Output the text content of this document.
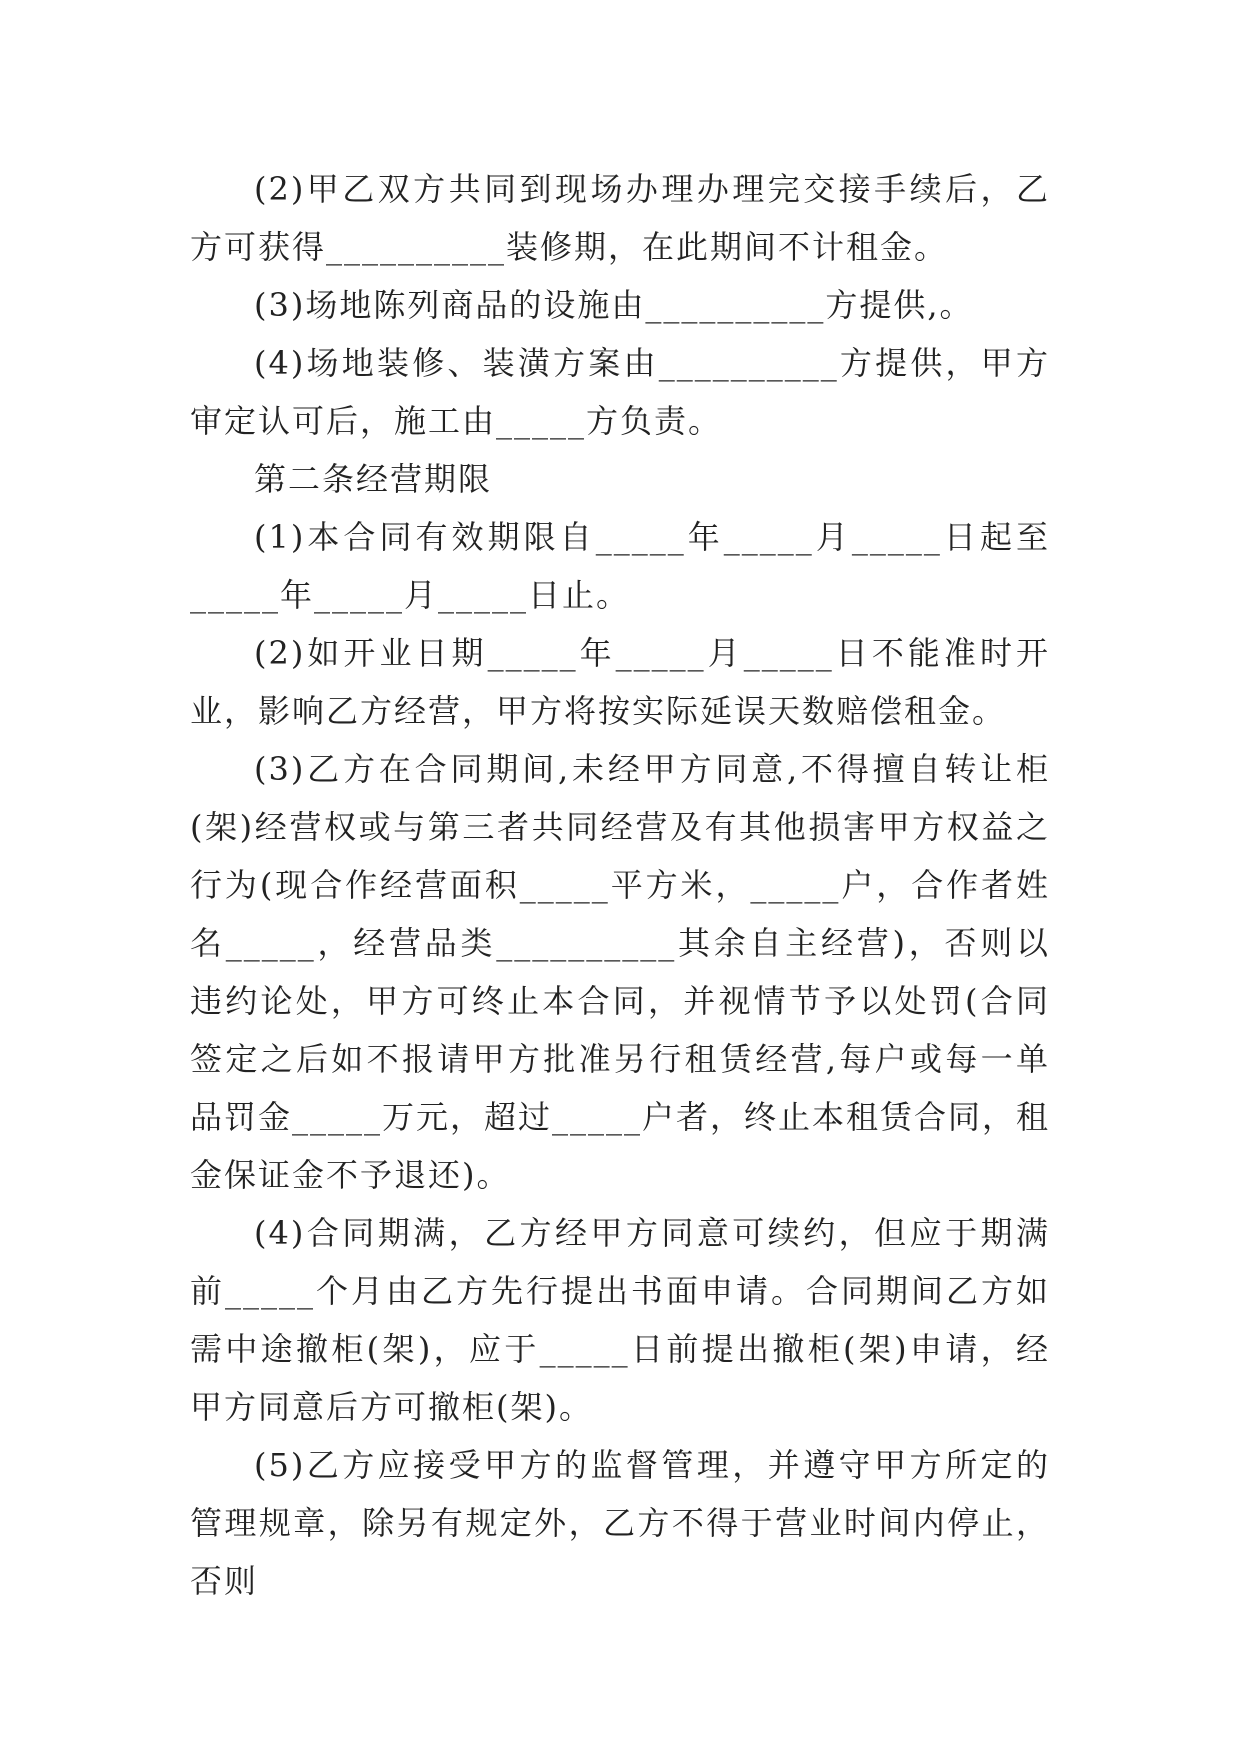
(2)甲乙双方共同到现场办理办理完交接手续后，乙方可获得__________装修期，在此期间不计租金。

(3)场地陈列商品的设施由__________方提供,。

(4)场地装修、装潢方案由__________方提供，甲方审定认可后，施工由_____方负责。

第二条经营期限

(1)本合同有效期限自_____年_____月_____日起至_____年_____月_____日止。

(2)如开业日期_____年_____月_____日不能准时开业，影响乙方经营，甲方将按实际延误天数赔偿租金。

(3)乙方在合同期间,未经甲方同意,不得擅自转让柜(架)经营权或与第三者共同经营及有其他损害甲方权益之行为(现合作经营面积_____平方米，_____户，合作者姓名_____，经营品类__________其余自主经营)，否则以违约论处，甲方可终止本合同，并视情节予以处罚(合同签定之后如不报请甲方批准另行租赁经营,每户或每一单品罚金_____万元，超过_____户者，终止本租赁合同，租金保证金不予退还)。

(4)合同期满，乙方经甲方同意可续约，但应于期满前_____个月由乙方先行提出书面申请。合同期间乙方如需中途撤柜(架)，应于_____日前提出撤柜(架)申请，经甲方同意后方可撤柜(架)。

(5)乙方应接受甲方的监督管理，并遵守甲方所定的管理规章，除另有规定外，乙方不得于营业时间内停止，否则
